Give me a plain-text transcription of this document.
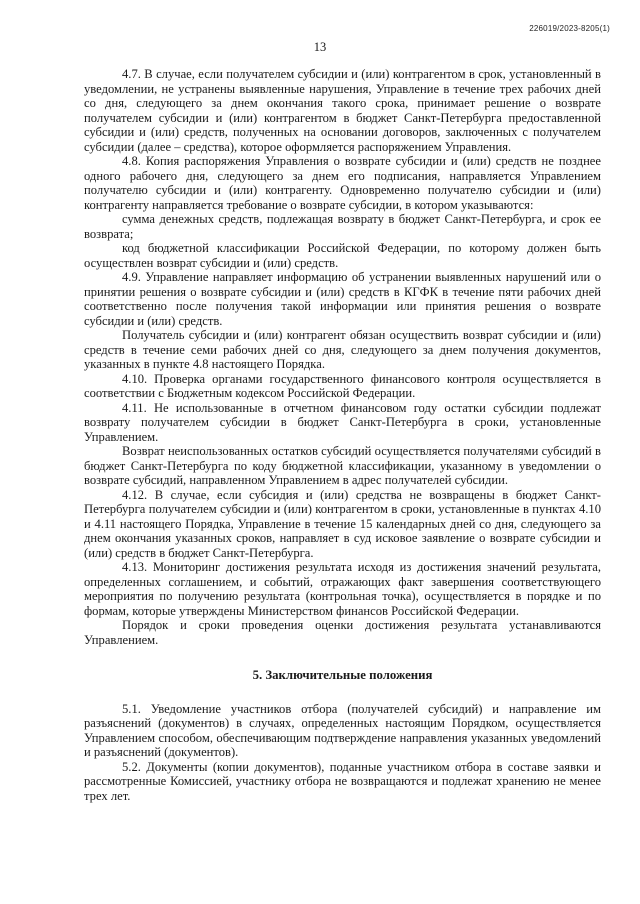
226019/2023-8205(1)
13

4.7. В случае, если получателем субсидии и (или) контрагентом в срок, установленный в уведомлении, не устранены выявленные нарушения, Управление в течение трех рабочих дней со дня, следующего за днем окончания такого срока, принимает решение о возврате получателем субсидии и (или) контрагентом в бюджет Санкт-Петербурга предоставленной субсидии и (или) средств, полученных на основании договоров, заключенных с получателем субсидии (далее – средства), которое оформляется распоряжением Управления.

4.8. Копия распоряжения Управления о возврате субсидии и (или) средств не позднее одного рабочего дня, следующего за днем его подписания, направляется Управлением получателю субсидии и (или) контрагенту. Одновременно получателю субсидии и (или) контрагенту направляется требование о возврате субсидии, в котором указываются:

сумма денежных средств, подлежащая возврату в бюджет Санкт-Петербурга, и срок ее возврата;

код бюджетной классификации Российской Федерации, по которому должен быть осуществлен возврат субсидии и (или) средств.

4.9. Управление направляет информацию об устранении выявленных нарушений или о принятии решения о возврате субсидии и (или) средств в КГФК в течение пяти рабочих дней соответственно после получения такой информации или принятия решения о возврате субсидии и (или) средств.

Получатель субсидии и (или) контрагент обязан осуществить возврат субсидии и (или) средств в течение семи рабочих дней со дня, следующего за днем получения документов, указанных в пункте 4.8 настоящего Порядка.

4.10. Проверка органами государственного финансового контроля осуществляется в соответствии с Бюджетным кодексом Российской Федерации.

4.11. Не использованные в отчетном финансовом году остатки субсидии подлежат возврату получателем субсидии в бюджет Санкт-Петербурга в сроки, установленные Управлением.

Возврат неиспользованных остатков субсидий осуществляется получателями субсидий в бюджет Санкт-Петербурга по коду бюджетной классификации, указанному в уведомлении о возврате субсидий, направленном Управлением в адрес получателей субсидии.

4.12. В случае, если субсидия и (или) средства не возвращены в бюджет Санкт-Петербурга получателем субсидии и (или) контрагентом в сроки, установленные в пунктах 4.10 и 4.11 настоящего Порядка, Управление в течение 15 календарных дней со дня, следующего за днем окончания указанных сроков, направляет в суд исковое заявление о возврате субсидии и (или) средств в бюджет Санкт-Петербурга.

4.13. Мониторинг достижения результата исходя из достижения значений результата, определенных соглашением, и событий, отражающих факт завершения соответствующего мероприятия по получению результата (контрольная точка), осуществляется в порядке и по формам, которые утверждены Министерством финансов Российской Федерации.

Порядок и сроки проведения оценки достижения результата устанавливаются Управлением.

5. Заключительные положения

5.1. Уведомление участников отбора (получателей субсидий) и направление им разъяснений (документов) в случаях, определенных настоящим Порядком, осуществляется Управлением способом, обеспечивающим подтверждение направления указанных уведомлений и разъяснений (документов).

5.2. Документы (копии документов), поданные участником отбора в составе заявки и рассмотренные Комиссией, участнику отбора не возвращаются и подлежат хранению не менее трех лет.
